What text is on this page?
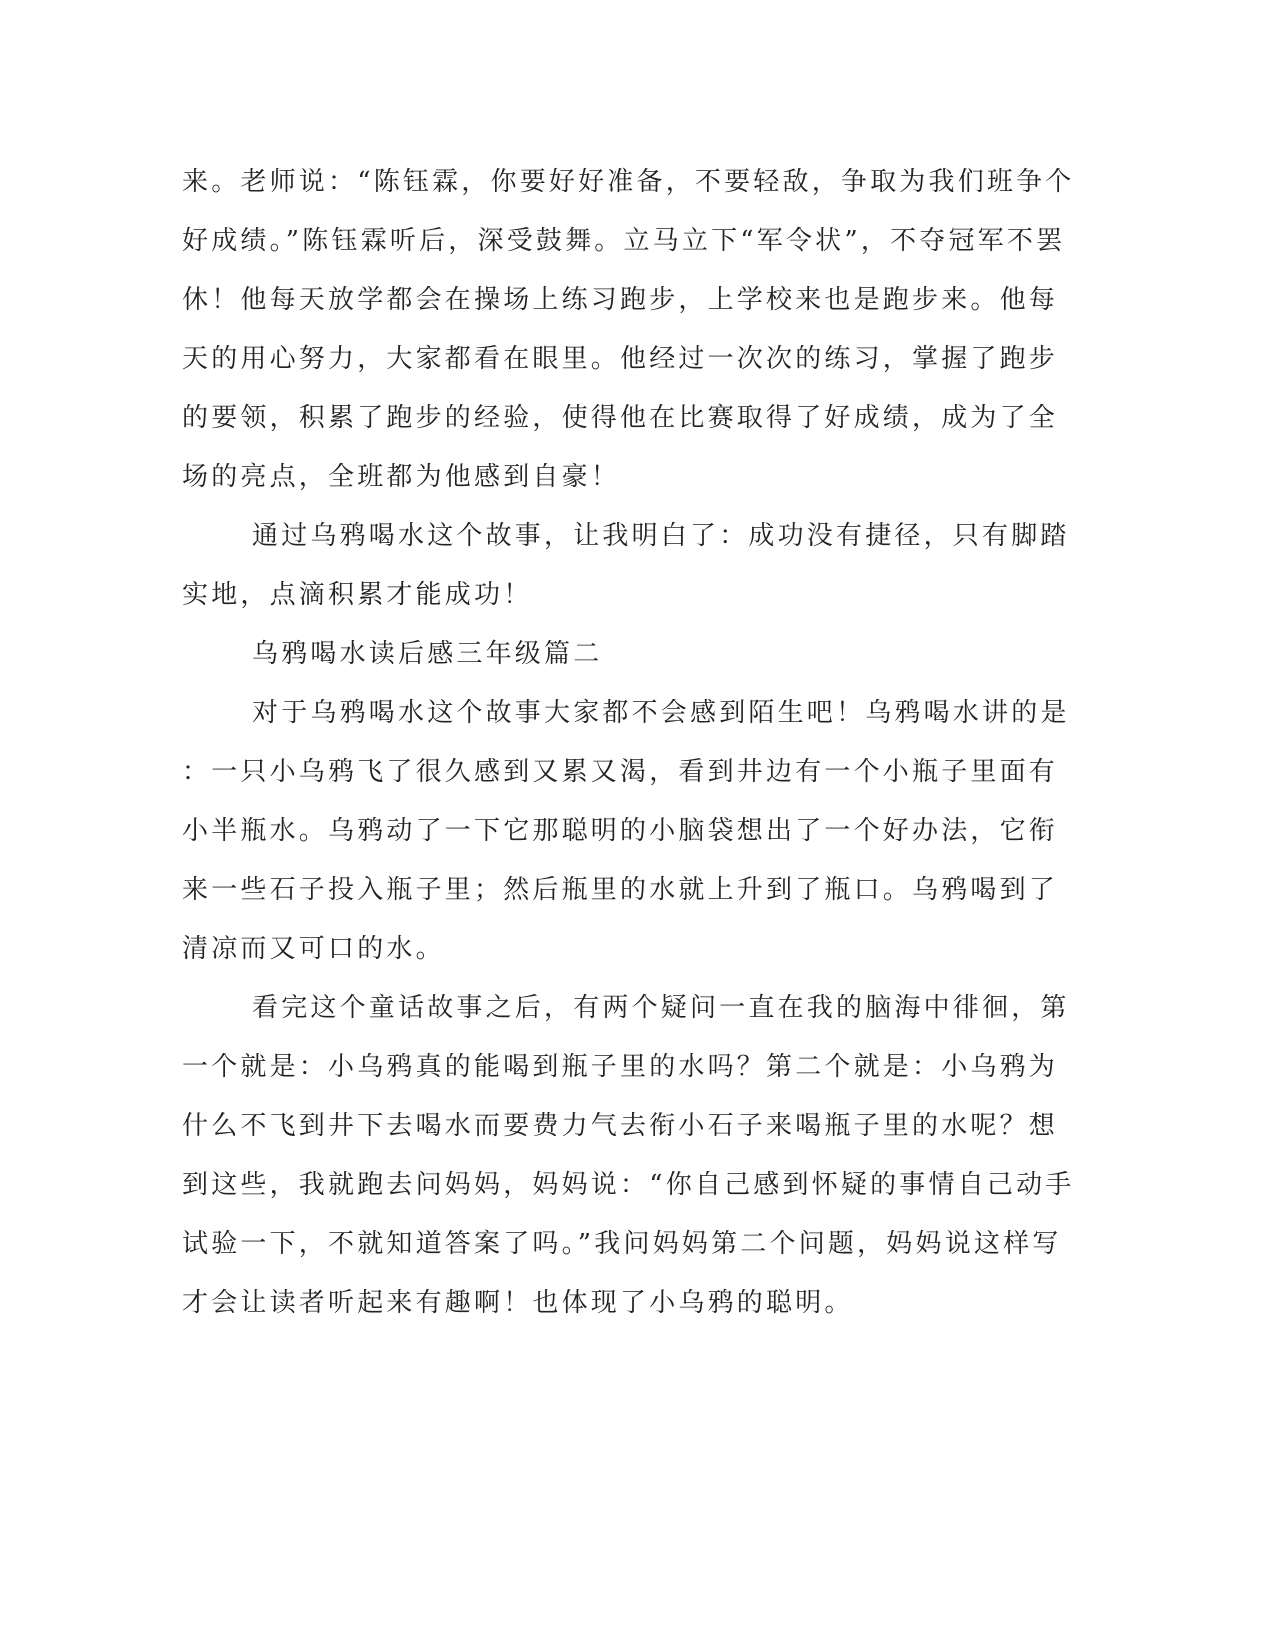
来。老师说：“陈钰霖，你要好好准备，不要轻敌，争取为我们班争个
好成绩。”陈钰霖听后，深受鼓舞。立马立下“军令状”，不夺冠军不罢
休！他每天放学都会在操场上练习跑步，上学校来也是跑步来。他每
天的用心努力，大家都看在眼里。他经过一次次的练习，掌握了跑步
的要领，积累了跑步的经验，使得他在比赛取得了好成绩，成为了全
场的亮点，全班都为他感到自豪！
通过乌鸦喝水这个故事，让我明白了：成功没有捷径，只有脚踏
实地，点滴积累才能成功！
乌鸦喝水读后感三年级篇二
对于乌鸦喝水这个故事大家都不会感到陌生吧！乌鸦喝水讲的是
：一只小乌鸦飞了很久感到又累又渴，看到井边有一个小瓶子里面有
小半瓶水。乌鸦动了一下它那聪明的小脑袋想出了一个好办法，它衔
来一些石子投入瓶子里；然后瓶里的水就上升到了瓶口。乌鸦喝到了
清凉而又可口的水。
看完这个童话故事之后，有两个疑问一直在我的脑海中徘徊，第
一个就是：小乌鸦真的能喝到瓶子里的水吗？第二个就是：小乌鸦为
什么不飞到井下去喝水而要费力气去衔小石子来喝瓶子里的水呢？想
到这些，我就跑去问妈妈，妈妈说：“你自己感到怀疑的事情自己动手
试验一下，不就知道答案了吗。”我问妈妈第二个问题，妈妈说这样写
才会让读者听起来有趣啊！也体现了小乌鸦的聪明。
